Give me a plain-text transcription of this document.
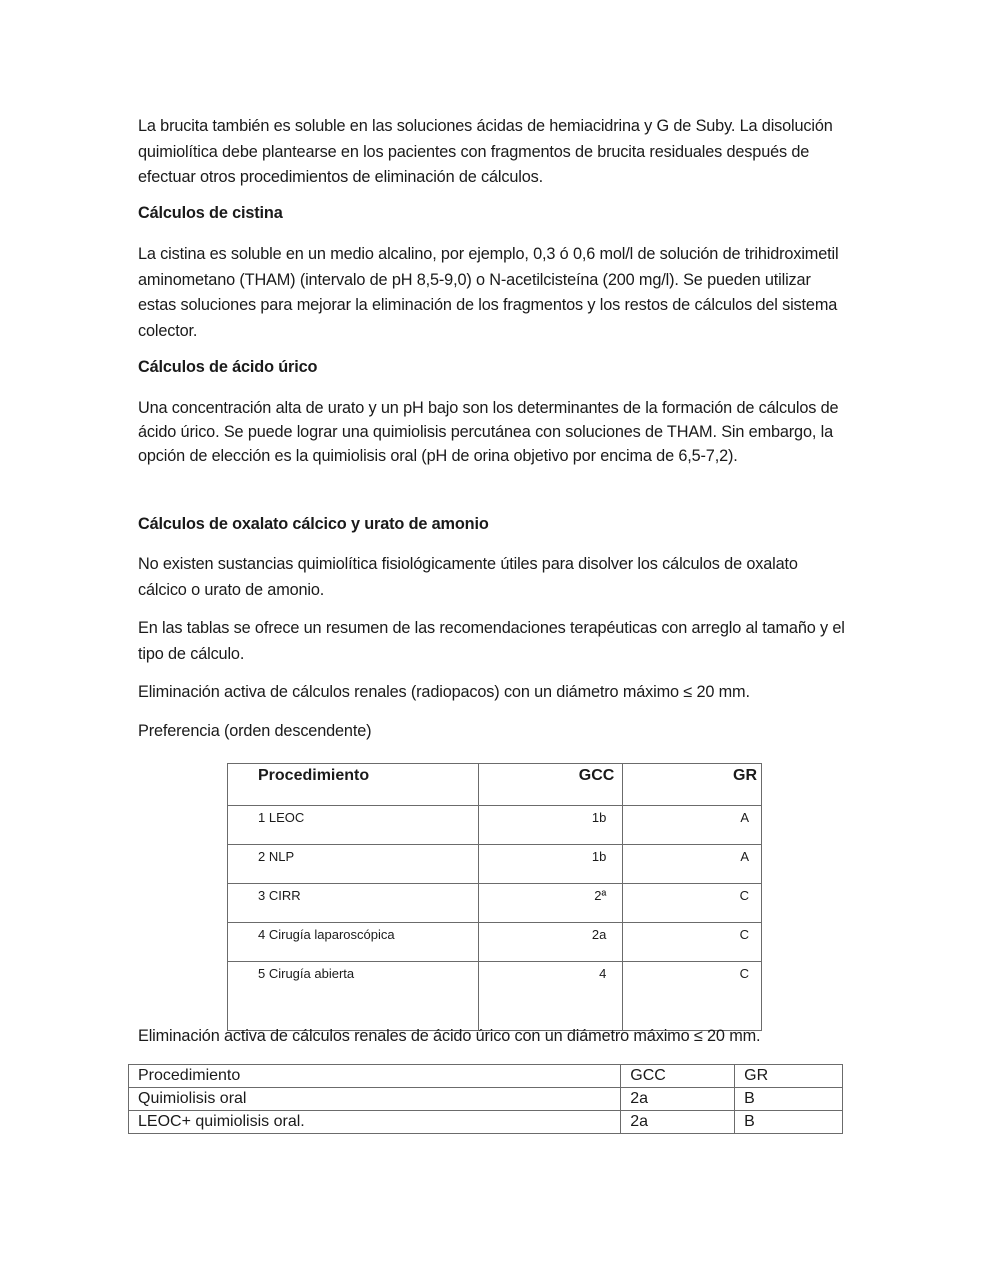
La brucita también es soluble en las soluciones ácidas de hemiacidrina y G de Suby. La disolución quimiolítica debe plantearse en los pacientes con fragmentos de brucita residuales después de efectuar otros procedimientos de eliminación de cálculos.
Cálculos de cistina
La cistina es soluble en un medio alcalino, por ejemplo, 0,3 ó 0,6 mol/l de solución de trihidroximetil aminometano (THAM) (intervalo de pH 8,5-9,0) o N-acetilcisteína (200 mg/l). Se pueden utilizar estas soluciones para mejorar la eliminación de los fragmentos y los restos de cálculos del sistema colector.
Cálculos de ácido úrico
Una concentración alta de urato y un pH bajo son los determinantes de la formación de cálculos de ácido úrico. Se puede lograr una quimiolisis percutánea con soluciones de THAM. Sin embargo, la opción de elección es la quimiolisis oral (pH de orina objetivo por encima de 6,5-7,2).
Cálculos de oxalato cálcico y urato de amonio
No existen sustancias quimiolítica fisiológicamente útiles para disolver los cálculos de oxalato cálcico o urato de amonio.
En las tablas se ofrece un resumen de las recomendaciones terapéuticas con arreglo al tamaño y el tipo de cálculo.
Eliminación activa de cálculos renales (radiopacos) con un diámetro máximo ≤ 20 mm.
Preferencia (orden descendente)
Procedimiento	GCC	GR
1 LEOC	1b	A
2 NLP	1b	A
3 CIRR	2ª	C
4 Cirugía laparoscópica	2a	C
5 Cirugía abierta	4	C
Eliminación activa de cálculos renales de ácido úrico con un diámetro máximo ≤ 20 mm.
Procedimiento	GCC	GR
Quimiolisis oral	2a	B
LEOC+ quimiolisis oral.	2a	B
